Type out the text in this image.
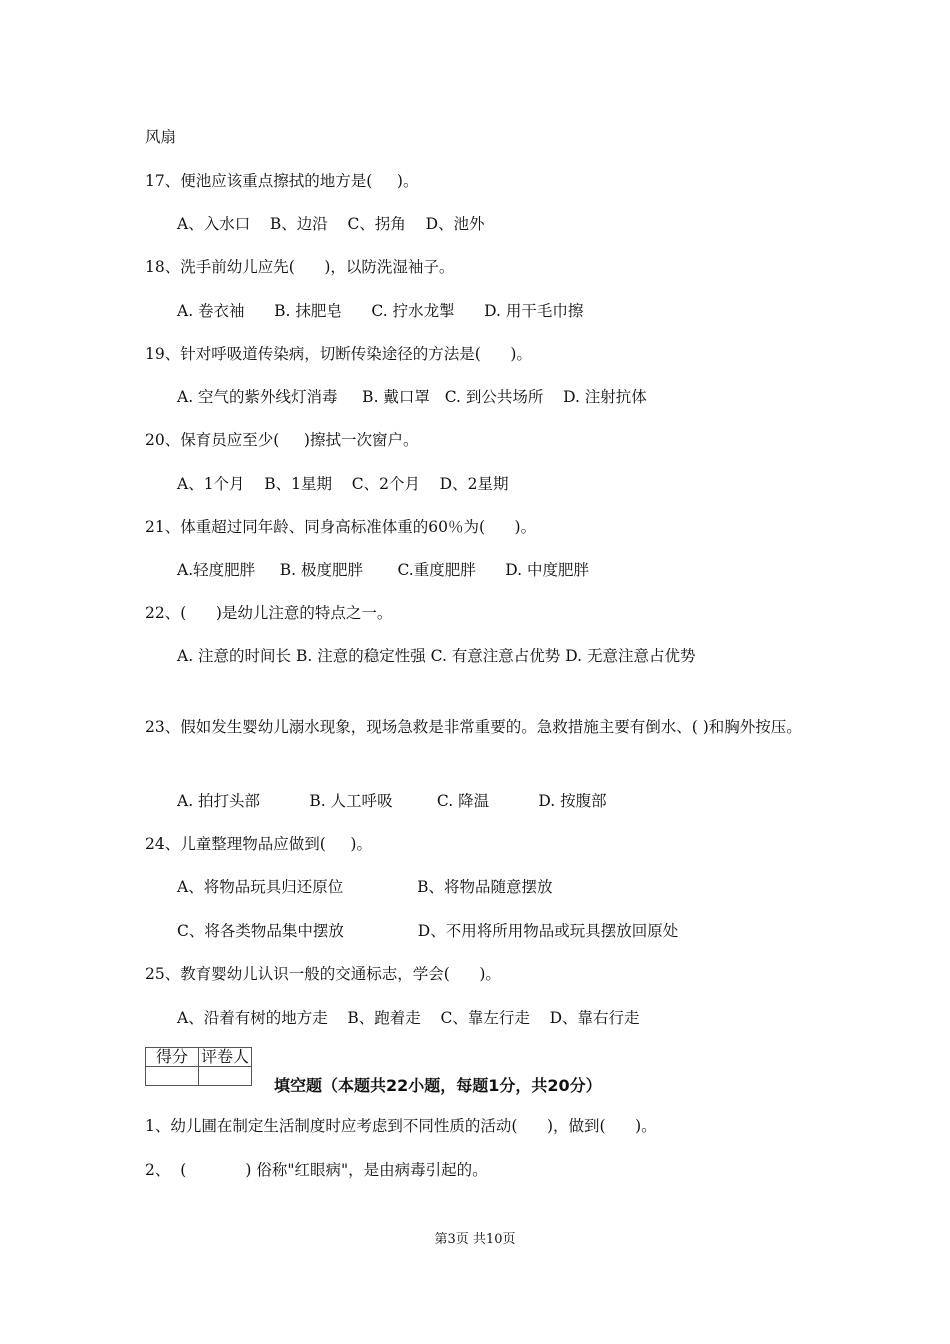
风扇
17、便池应该重点擦拭的地方是(     )。
A、入水口    B、边沿    C、拐角    D、池外
18、洗手前幼儿应先(      )，以防洗湿袖子。
A. 卷衣袖      B. 抹肥皂      C. 拧水龙掣      D. 用干毛巾擦
19、针对呼吸道传染病，切断传染途径的方法是(      )。
A. 空气的紫外线灯消毒     B. 戴口罩   C. 到公共场所    D. 注射抗体
20、保育员应至少(     )擦拭一次窗户。
A、1个月    B、1星期    C、2个月    D、2星期
21、体重超过同年龄、同身高标准体重的60％为(      )。
A.轻度肥胖     B. 极度肥胖       C.重度肥胖      D. 中度肥胖
22、(      )是幼儿注意的特点之一。
A. 注意的时间长 B. 注意的稳定性强 C. 有意注意占优势 D. 无意注意占优势
23、假如发生婴幼儿溺水现象，现场急救是非常重要的。急救措施主要有倒水、( )和胸外按压。
A. 拍打头部          B. 人工呼吸         C. 降温          D. 按腹部
24、儿童整理物品应做到(     )。
A、将物品玩具归还原位               B、将物品随意摆放
C、将各类物品集中摆放               D、不用将所用物品或玩具摆放回原处
25、教育婴幼儿认识一般的交通标志，学会(      )。
A、沿着有树的地方走    B、跑着走    C、靠左行走    D、靠右行走
得分	评卷人

填空题（本题共22小题，每题1分，共20分）
1、幼儿圃在制定生活制度时应考虑到不同性质的活动(      )，做到(      )。
2、  (            ) 俗称"红眼病"，是由病毒引起的。
第3页 共10页
